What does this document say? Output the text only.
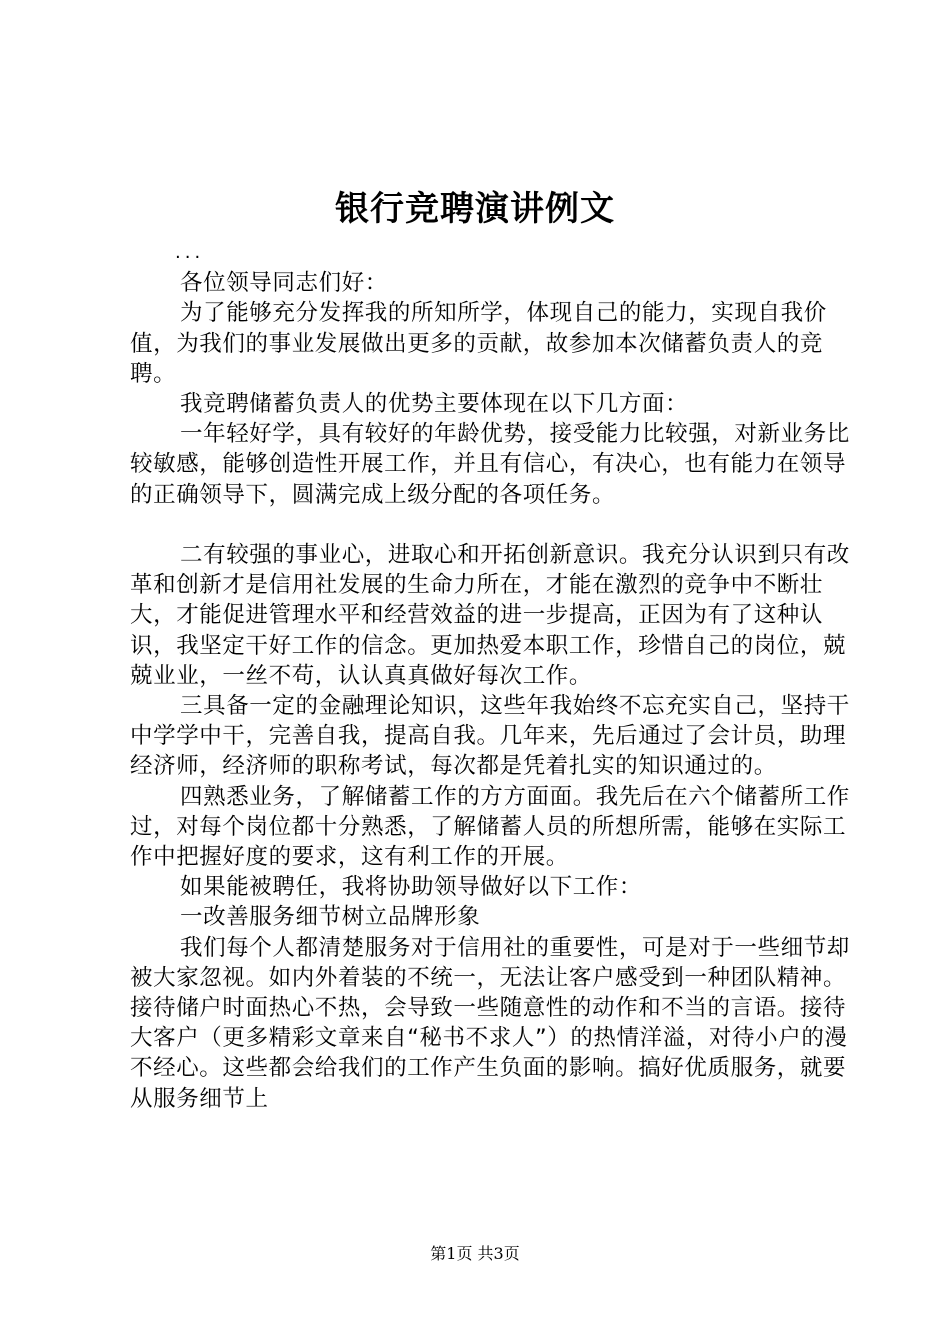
银行竞聘演讲例文

...

各位领导同志们好：

为了能够充分发挥我的所知所学，体现自己的能力，实现自我价值，为我们的事业发展做出更多的贡献，故参加本次储蓄负责人的竞聘。

我竞聘储蓄负责人的优势主要体现在以下几方面：

一年轻好学，具有较好的年龄优势，接受能力比较强，对新业务比较敏感，能够创造性开展工作，并且有信心，有决心，也有能力在领导的正确领导下，圆满完成上级分配的各项任务。

二有较强的事业心，进取心和开拓创新意识。我充分认识到只有改革和创新才是信用社发展的生命力所在，才能在激烈的竞争中不断壮大，才能促进管理水平和经营效益的进一步提高，正因为有了这种认识，我坚定干好工作的信念。更加热爱本职工作，珍惜自己的岗位，兢兢业业，一丝不苟，认认真真做好每次工作。

三具备一定的金融理论知识，这些年我始终不忘充实自己，坚持干中学学中干，完善自我，提高自我。几年来，先后通过了会计员，助理经济师，经济师的职称考试，每次都是凭着扎实的知识通过的。

四熟悉业务，了解储蓄工作的方方面面。我先后在六个储蓄所工作过，对每个岗位都十分熟悉，了解储蓄人员的所想所需，能够在实际工作中把握好度的要求，这有利工作的开展。

如果能被聘任，我将协助领导做好以下工作：

一改善服务细节树立品牌形象

我们每个人都清楚服务对于信用社的重要性，可是对于一些细节却被大家忽视。如内外着装的不统一，无法让客户感受到一种团队精神。接待储户时面热心不热，会导致一些随意性的动作和不当的言语。接待大客户（更多精彩文章来自“秘书不求人”）的热情洋溢，对待小户的漫不经心。这些都会给我们的工作产生负面的影响。搞好优质服务，就要从服务细节上

第1页 共3页
